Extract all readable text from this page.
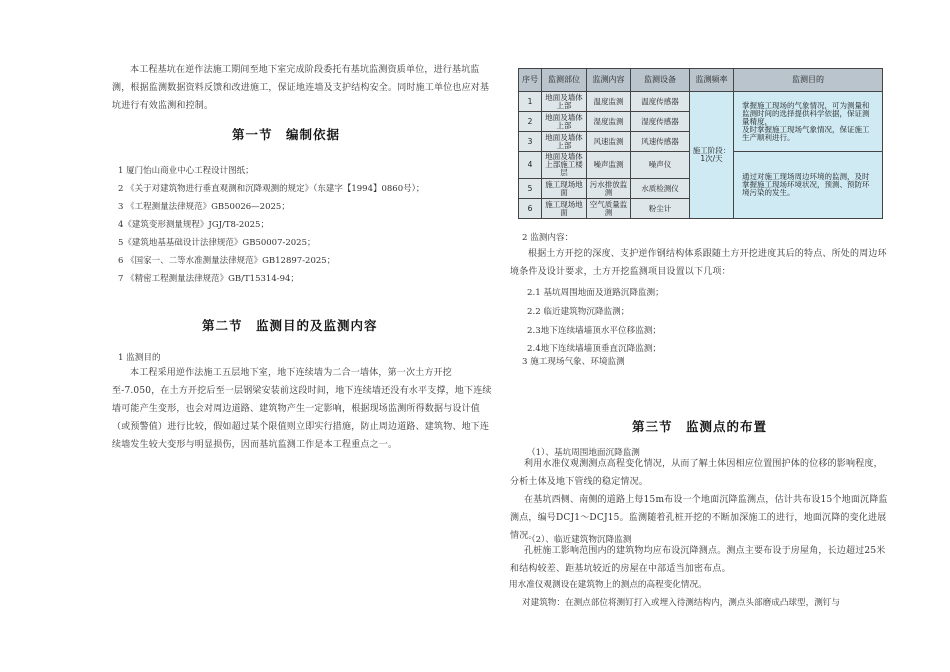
本工程基坑在逆作法施工期间至地下室完成阶段委托有基坑监测资质单位，进行基坑监测，根据监测数据资料反馈和改进施工，保证地连墙及支护结构安全。同时施工单位也应对基坑进行有效监测和控制。
第一节　编制依据
1 厦门怡山商业中心工程设计图纸；
2 《关于对建筑物进行垂直观测和沉降观测的规定》（东建字【1994】0860号）；
3 《工程测量法律规范》GB50026—2025；
4《建筑变形测量规程》JGJ/T8-2025；
5《建筑地基基础设计法律规范》GB50007-2025；
6 《国家一、二等水准测量法律规范》GB12897-2025；
7 《精密工程测量法律规范》GB/T15314-94；
第二节　监测目的及监测内容
1 监测目的
本工程采用逆作法施工五层地下室，地下连续墙为二合一墙体，第一次土方开挖至-7.050，在土方开挖后至一层钢梁安装前这段时间，地下连续墙还没有水平支撑，地下连续墙可能产生变形，也会对周边道路、建筑物产生一定影响，根据现场监测所得数据与设计值（或预警值）进行比较，假如超过某个限值则立即实行措施，防止周边道路、建筑物、地下连续墙发生较大变形与明显损伤，因而基坑监测工作是本工程重点之一。
序号	监测部位	监测内容	监测设备	监测频率	监测目的
1	地面及墙体上部	温度监测	温度传感器	施工阶段：1次/天	掌握施工现场的气象情况，可为测量和监测时间的选择提供科学依据，保证测量精度，
及时掌握施工现场气象情况，保证施工生产顺利进行。
2	地面及墙体上部	湿度监测	湿度传感器		
3	地面及墙体上部	风速监测	风速传感器		
4	地面及墙体上部施工楼层	噪声监测	噪声仪		通过对施工现场周边环境的监测，及时掌握施工现场环境状况，预测、预防环境污染的发生。
5	施工现场地面	污水排放监测	水质检测仪		
6	施工现场地面	空气质量监测	粉尘计		
2 监测内容：
根据土方开挖的深度、支护逆作钢结构体系跟随土方开挖进度其后的特点、所处的周边环境条件及设计要求，土方开挖监测项目设置以下几项：
2.1 基坑周围地面及道路沉降监测；
2.2 临近建筑物沉降监测；
2.3地下连续墙墙顶水平位移监测；
2.4地下连续墙墙顶垂直沉降监测；
3 施工现场气象、环境监测
第三节　监测点的布置
（1）、基坑周围地面沉降监测
利用水准仪观测测点高程变化情况，从而了解土体因相应位置围护体的位移的影响程度，分析土体及地下管线的稳定情况。
在基坑西侧、南侧的道路上每15m布设一个地面沉降监测点，估计共布设15个地面沉降监测点，编号DCJ1～DCJ15。监测随着孔桩开挖的不断加深施工的进行，地面沉降的变化进展情况。
（2）、临近建筑物沉降监测
孔桩施工影响范围内的建筑物均应布设沉降测点。测点主要布设于房屋角，长边超过25米和结构较差、距基坑较近的房屋在中部适当加密布点。
用水准仪观测设在建筑物上的测点的高程变化情况。
对建筑物：在测点部位将测钉打入或埋入待测结构内，测点头部磨成凸球型，测钉与
